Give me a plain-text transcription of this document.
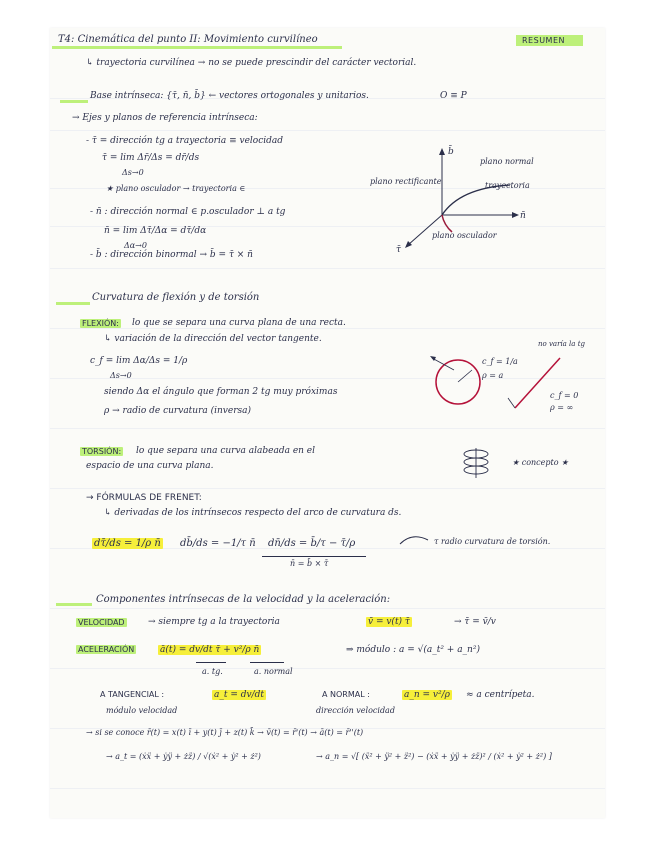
T4: Cinemática del punto II: Movimiento curvilíneo	RESUMEN
↳ trayectoria curvilínea → no se puede prescindir del carácter vectorial.
Base intrínseca: {τ̄, n̄, b̄} ← vectores ortogonales y unitarios.	O ≡ P
→ Ejes y planos de referencia intrínseca:
- τ̄ = dirección tg a trayectoria ≡ velocidad
τ̄ = lim Δr̄/Δs = dr̄/ds
Δs→0
★ plano osculador → trayectoria ∈
- n̄ : dirección normal ∈ p.osculador ⊥ a tg
n̄ = lim Δτ̄/Δα = dτ̄/dα
Δα→0
- b̄ : dirección binormal → b̄ = τ̄ × n̄
b̄
plano normal
plano rectificante	trayectoria
n̄
τ̄
plano osculador
Curvatura de flexión y de torsión
FLEXIÓN: lo que se separa una curva plana de una recta.
↳ variación de la dirección del vector tangente.
c_f = lim Δα/Δs = 1/ρ
Δs→0
siendo Δα el ángulo que forman 2 tg muy próximas
ρ → radio de curvatura (inversa)
c_f = 1/a
ρ = a
no varía la tg
c_f = 0
ρ = ∞
TORSIÓN: lo que separa una curva alabeada en el
espacio de una curva plana.	★ concepto ★
→ FÓRMULAS DE FRENET:
↳ derivadas de los intrínsecos respecto del arco de curvatura ds.
dτ̄/ds = 1/ρ n̄ db̄/ds = −1/τ n̄ dn̄/ds = b̄/τ − τ̄/ρ
n̄ = b̄ × τ̄
τ radio curvatura de torsión.
Componentes intrínsecas de la velocidad y la aceleración:
VELOCIDAD	→ siempre tg a la trayectoria	v̄ = v(t) τ̄	→ τ̄ = v̄/v
ACELERACIÓN	ā(t) = dv/dt τ̄ + v²/ρ n̄	⇒ módulo : a = √(a_t² + a_n²)
a. tg.	a. normal
A TANGENCIAL :	a_t = dv/dt
módulo velocidad
A NORMAL :	a_n = v²/ρ ≈ a centrípeta.
dirección velocidad
→ si se conoce r̄(t) = x(t) ī + y(t) j̄ + z(t) k̄ → v̄(t) = r̄'(t) → ā(t) = r̄''(t)
→ a_t = (ẋẍ + ẏÿ + żz̈) / √(ẋ² + ẏ² + ż²)	→ a_n = √[ (ẍ² + ÿ² + z̈²) − (ẋẍ + ẏÿ + żz̈)² / (ẋ² + ẏ² + ż²) ]
